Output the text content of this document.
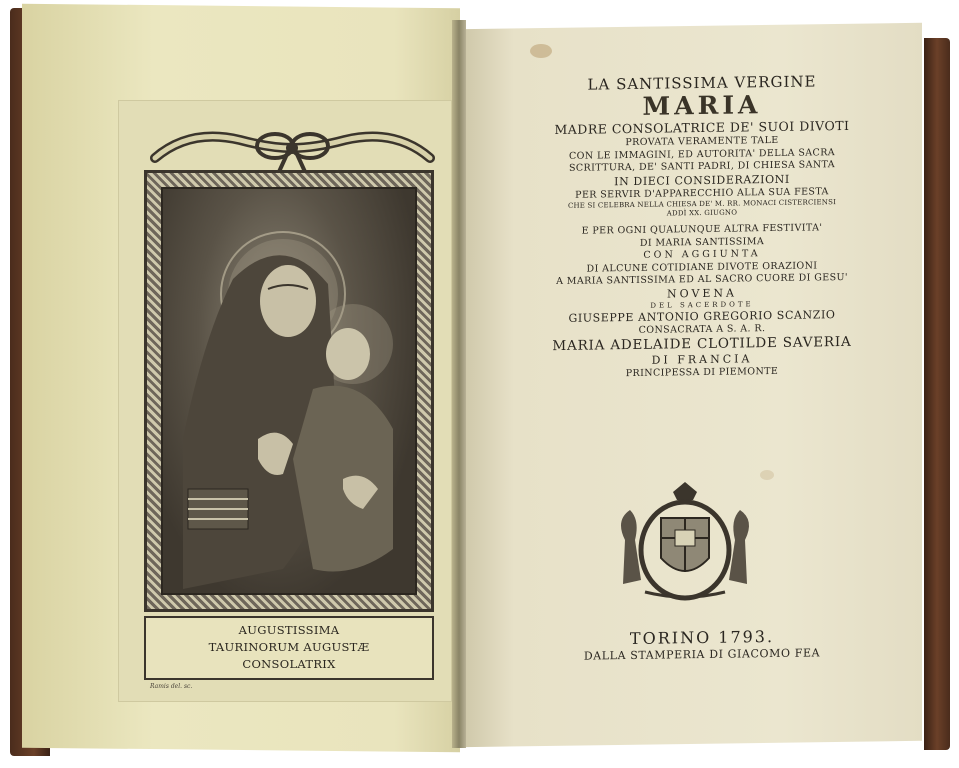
AUGUSTISSIMA
TAURINORUM AUGUSTÆ
CONSOLATRIX
Ramis del. sc.
LA SANTISSIMA VERGINE
MARIA
MADRE CONSOLATRICE DE' SUOI DIVOTI
PROVATA VERAMENTE TALE
CON LE IMMAGINI, ED AUTORITA' DELLA SACRA
SCRITTURA, DE' SANTI PADRI, DI CHIESA SANTA
IN DIECI CONSIDERAZIONI
PER SERVIR D'APPARECCHIO ALLA SUA FESTA
CHE SI CELEBRA NELLA CHIESA DE' M. RR. MONACI CISTERCIENSI
ADDÌ XX. GIUGNO
E PER OGNI QUALUNQUE ALTRA FESTIVITA'
DI MARIA SANTISSIMA
CON AGGIUNTA
DI ALCUNE COTIDIANE DIVOTE ORAZIONI
A MARIA SANTISSIMA ED AL SACRO CUORE DI GESU'
NOVENA
DEL SACERDOTE
GIUSEPPE ANTONIO GREGORIO SCANZIO
CONSACRATA A S. A. R.
MARIA ADELAIDE CLOTILDE SAVERIA
DI FRANCIA
PRINCIPESSA DI PIEMONTE
TORINO 1793.
DALLA STAMPERIA DI GIACOMO FEA
